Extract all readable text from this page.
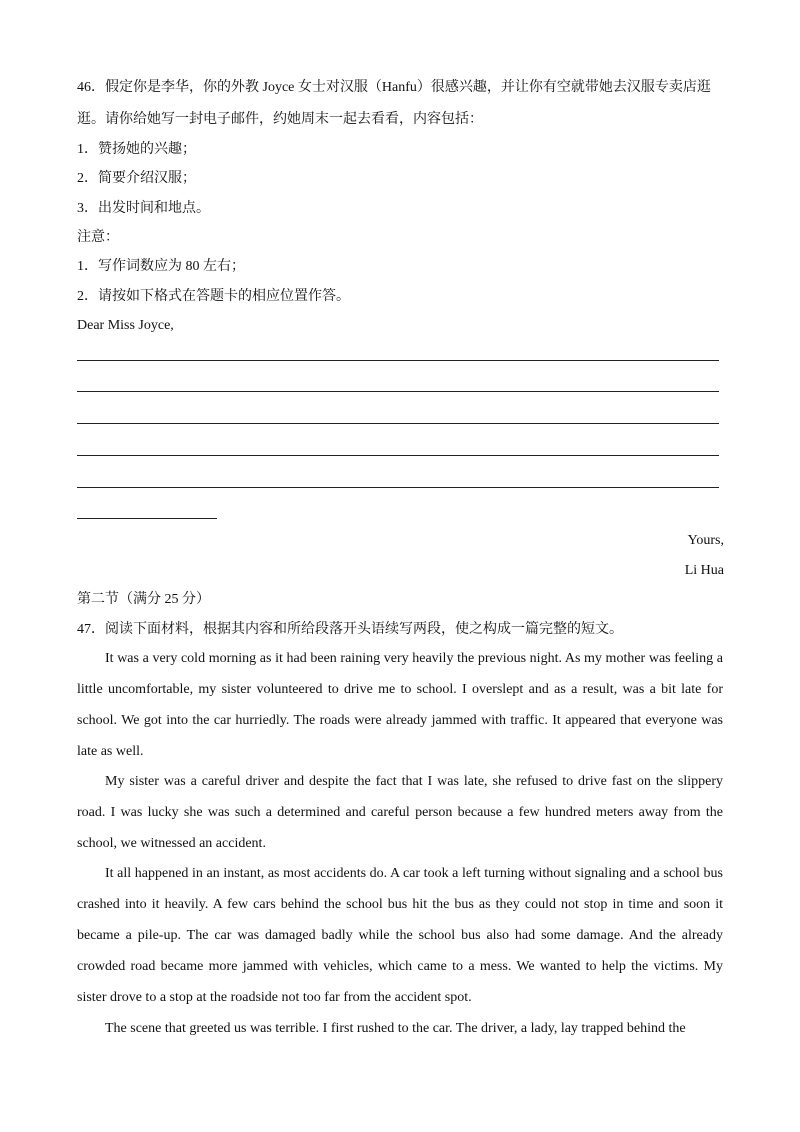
46．假定你是李华，你的外教 Joyce 女士对汉服（Hanfu）很感兴趣，并让你有空就带她去汉服专卖店逛
逛。请你给她写一封电子邮件，约她周末一起去看看，内容包括：
1．赞扬她的兴趣；
2．简要介绍汉服；
3．出发时间和地点。
注意：
1．写作词数应为 80 左右；
2．请按如下格式在答题卡的相应位置作答。
Dear Miss Joyce,
Yours,
Li Hua
第二节（满分 25 分）
47．阅读下面材料，根据其内容和所给段落开头语续写两段，使之构成一篇完整的短文。
It was a very cold morning as it had been raining very heavily the previous night. As my mother was feeling a little uncomfortable, my sister volunteered to drive me to school. I overslept and as a result, was a bit late for school. We got into the car hurriedly. The roads were already jammed with traffic. It appeared that everyone was late as well.
My sister was a careful driver and despite the fact that I was late, she refused to drive fast on the slippery road. I was lucky she was such a determined and careful person because a few hundred meters away from the school, we witnessed an accident.
It all happened in an instant, as most accidents do. A car took a left turning without signaling and a school bus crashed into it heavily. A few cars behind the school bus hit the bus as they could not stop in time and soon it became a pile-up. The car was damaged badly while the school bus also had some damage. And the already crowded road became more jammed with vehicles, which came to a mess. We wanted to help the victims. My sister drove to a stop at the roadside not too far from the accident spot.
The scene that greeted us was terrible. I first rushed to the car. The driver, a lady, lay trapped behind the
